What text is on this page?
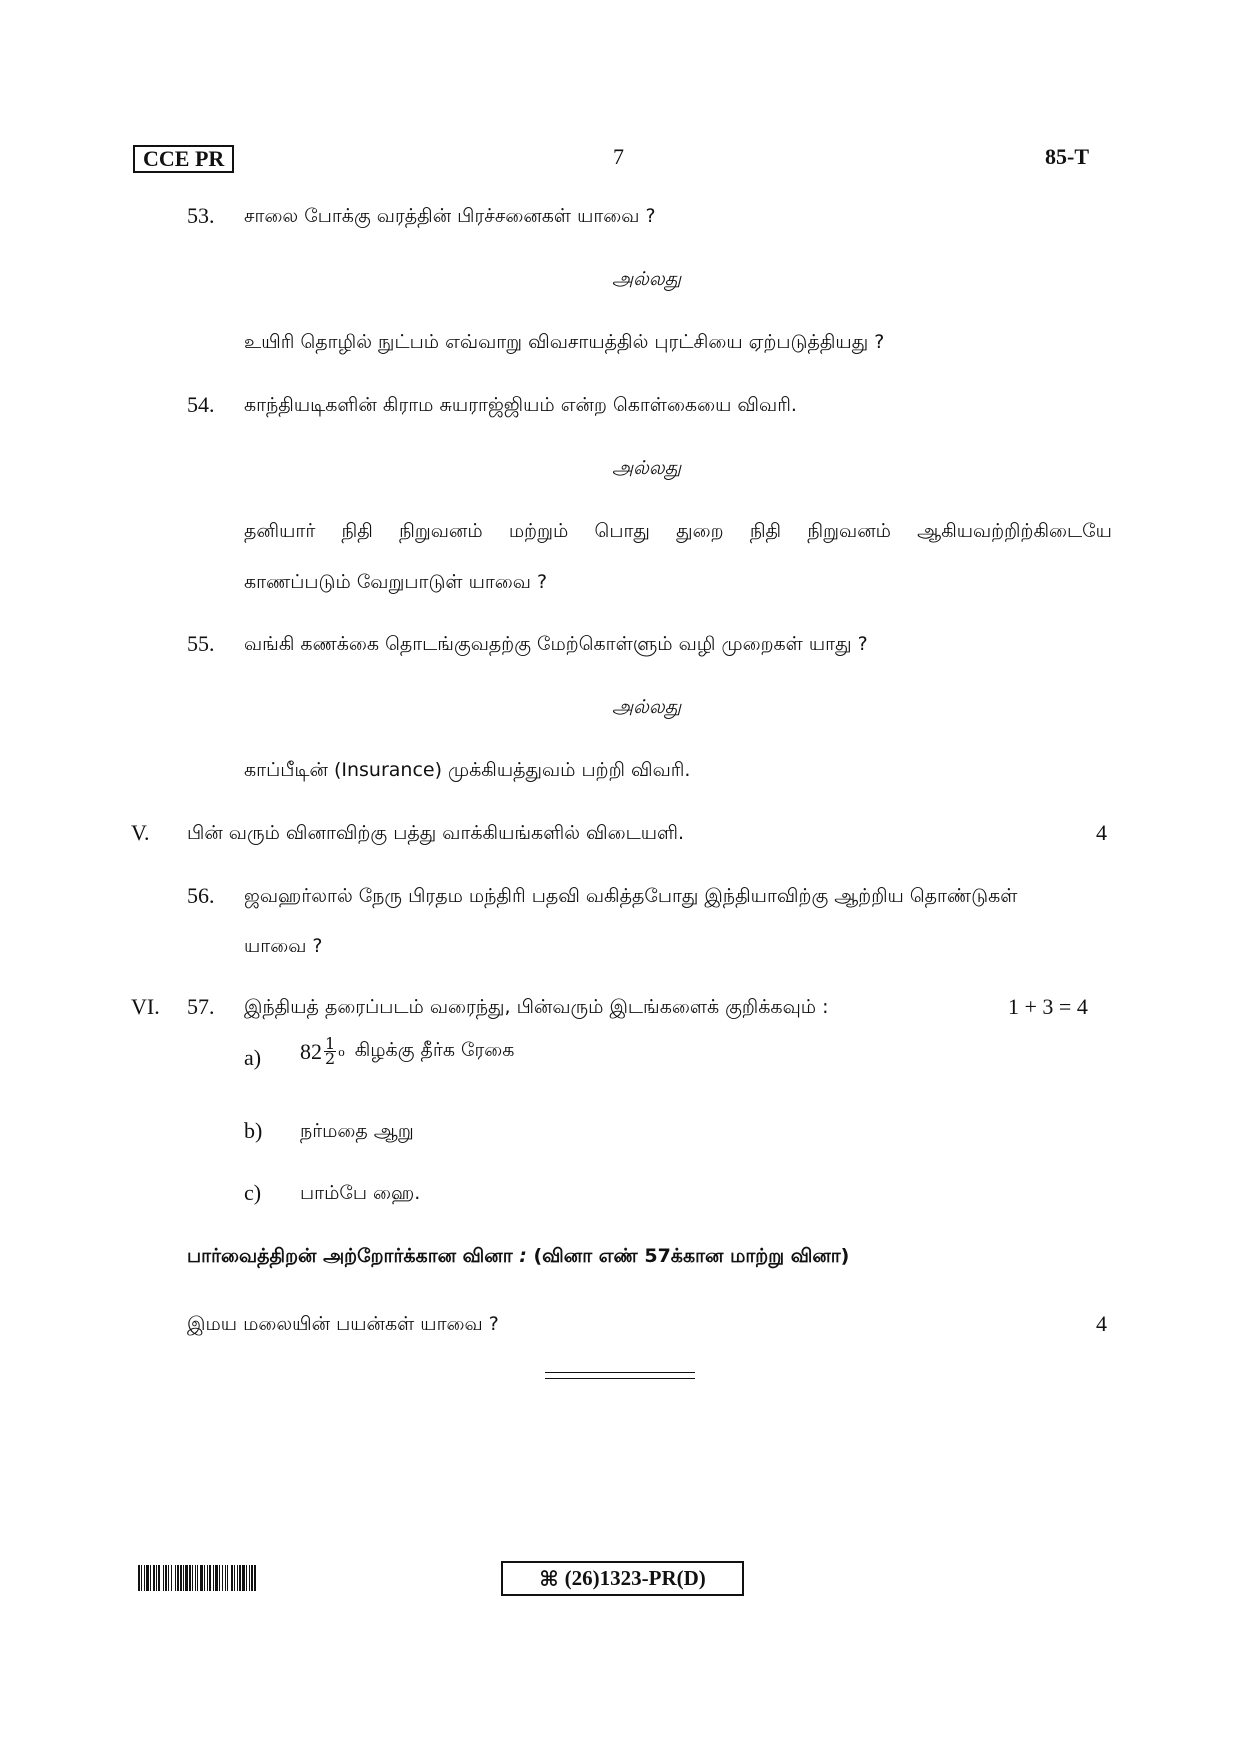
CCE PR	7	85-T
53. சாலை போக்கு வரத்தின் பிரச்சனைகள் யாவை ?
அல்லது
உயிரி தொழில் நுட்பம் எவ்வாறு விவசாயத்தில் புரட்சியை ஏற்படுத்தியது ?
54. காந்தியடிகளின் கிராம சுயராஜ்ஜியம் என்ற கொள்கையை விவரி.
அல்லது
தனியார் நிதி நிறுவனம் மற்றும் பொது துறை நிதி நிறுவனம் ஆகியவற்றிற்கிடையே
காணப்படும் வேறுபாடுள் யாவை ?
55. வங்கி கணக்கை தொடங்குவதற்கு மேற்கொள்ளும் வழி முறைகள் யாது ?
அல்லது
காப்பீடின் (Insurance) முக்கியத்துவம் பற்றி விவரி.
V. பின் வரும் வினாவிற்கு பத்து வாக்கியங்களில் விடையளி.	4
56. ஜவஹர்லால் நேரு பிரதம மந்திரி பதவி வகித்தபோது இந்தியாவிற்கு ஆற்றிய தொண்டுகள்
யாவை ?
VI. 57. இந்தியத் தரைப்படம் வரைந்து, பின்வரும் இடங்களைக் குறிக்கவும் :	1 + 3 = 4
a) $82 \frac{1}{2}$ o கிழக்கு தீர்க ரேகை
b) நர்மதை ஆறு
c) பாம்பே ஹை.
பார்வைத்திறன் அற்றோர்க்கான வினா : (வினா எண் 57க்கான மாற்று வினா)
இமய மலையின் பயன்கள் யாவை ?	4
⌘ (26)1323-PR(D)
